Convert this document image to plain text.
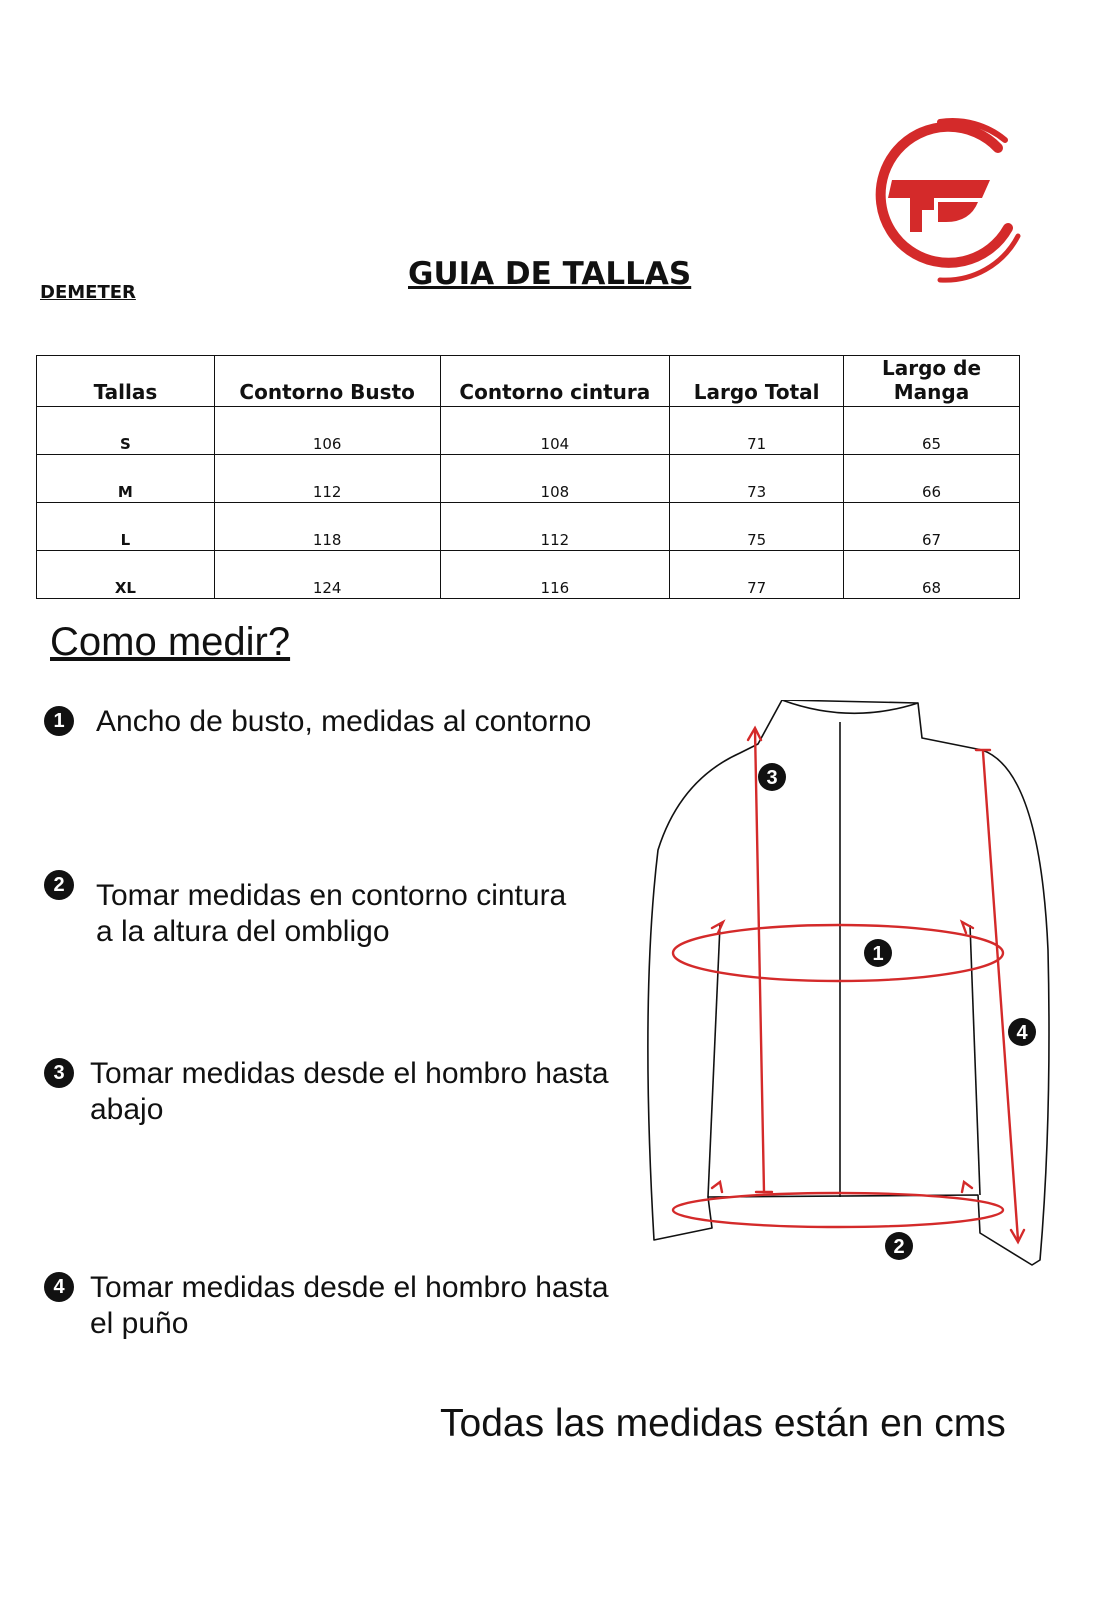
DEMETER
GUIA DE TALLAS
Tallas	Contorno Busto	Contorno cintura	Largo Total	Largo de Manga
S	106	104	71	65
M	112	108	73	66
L	118	112	75	67
XL	124	116	77	68
Como medir?
1	Ancho de busto, medidas al contorno
2	Tomar medidas en contorno cintura
a la altura del ombligo
3 Tomar medidas desde el hombro hasta
abajo
4 Tomar medidas desde el hombro hasta
el puño
3
1
4
2
Todas las medidas están en cms
